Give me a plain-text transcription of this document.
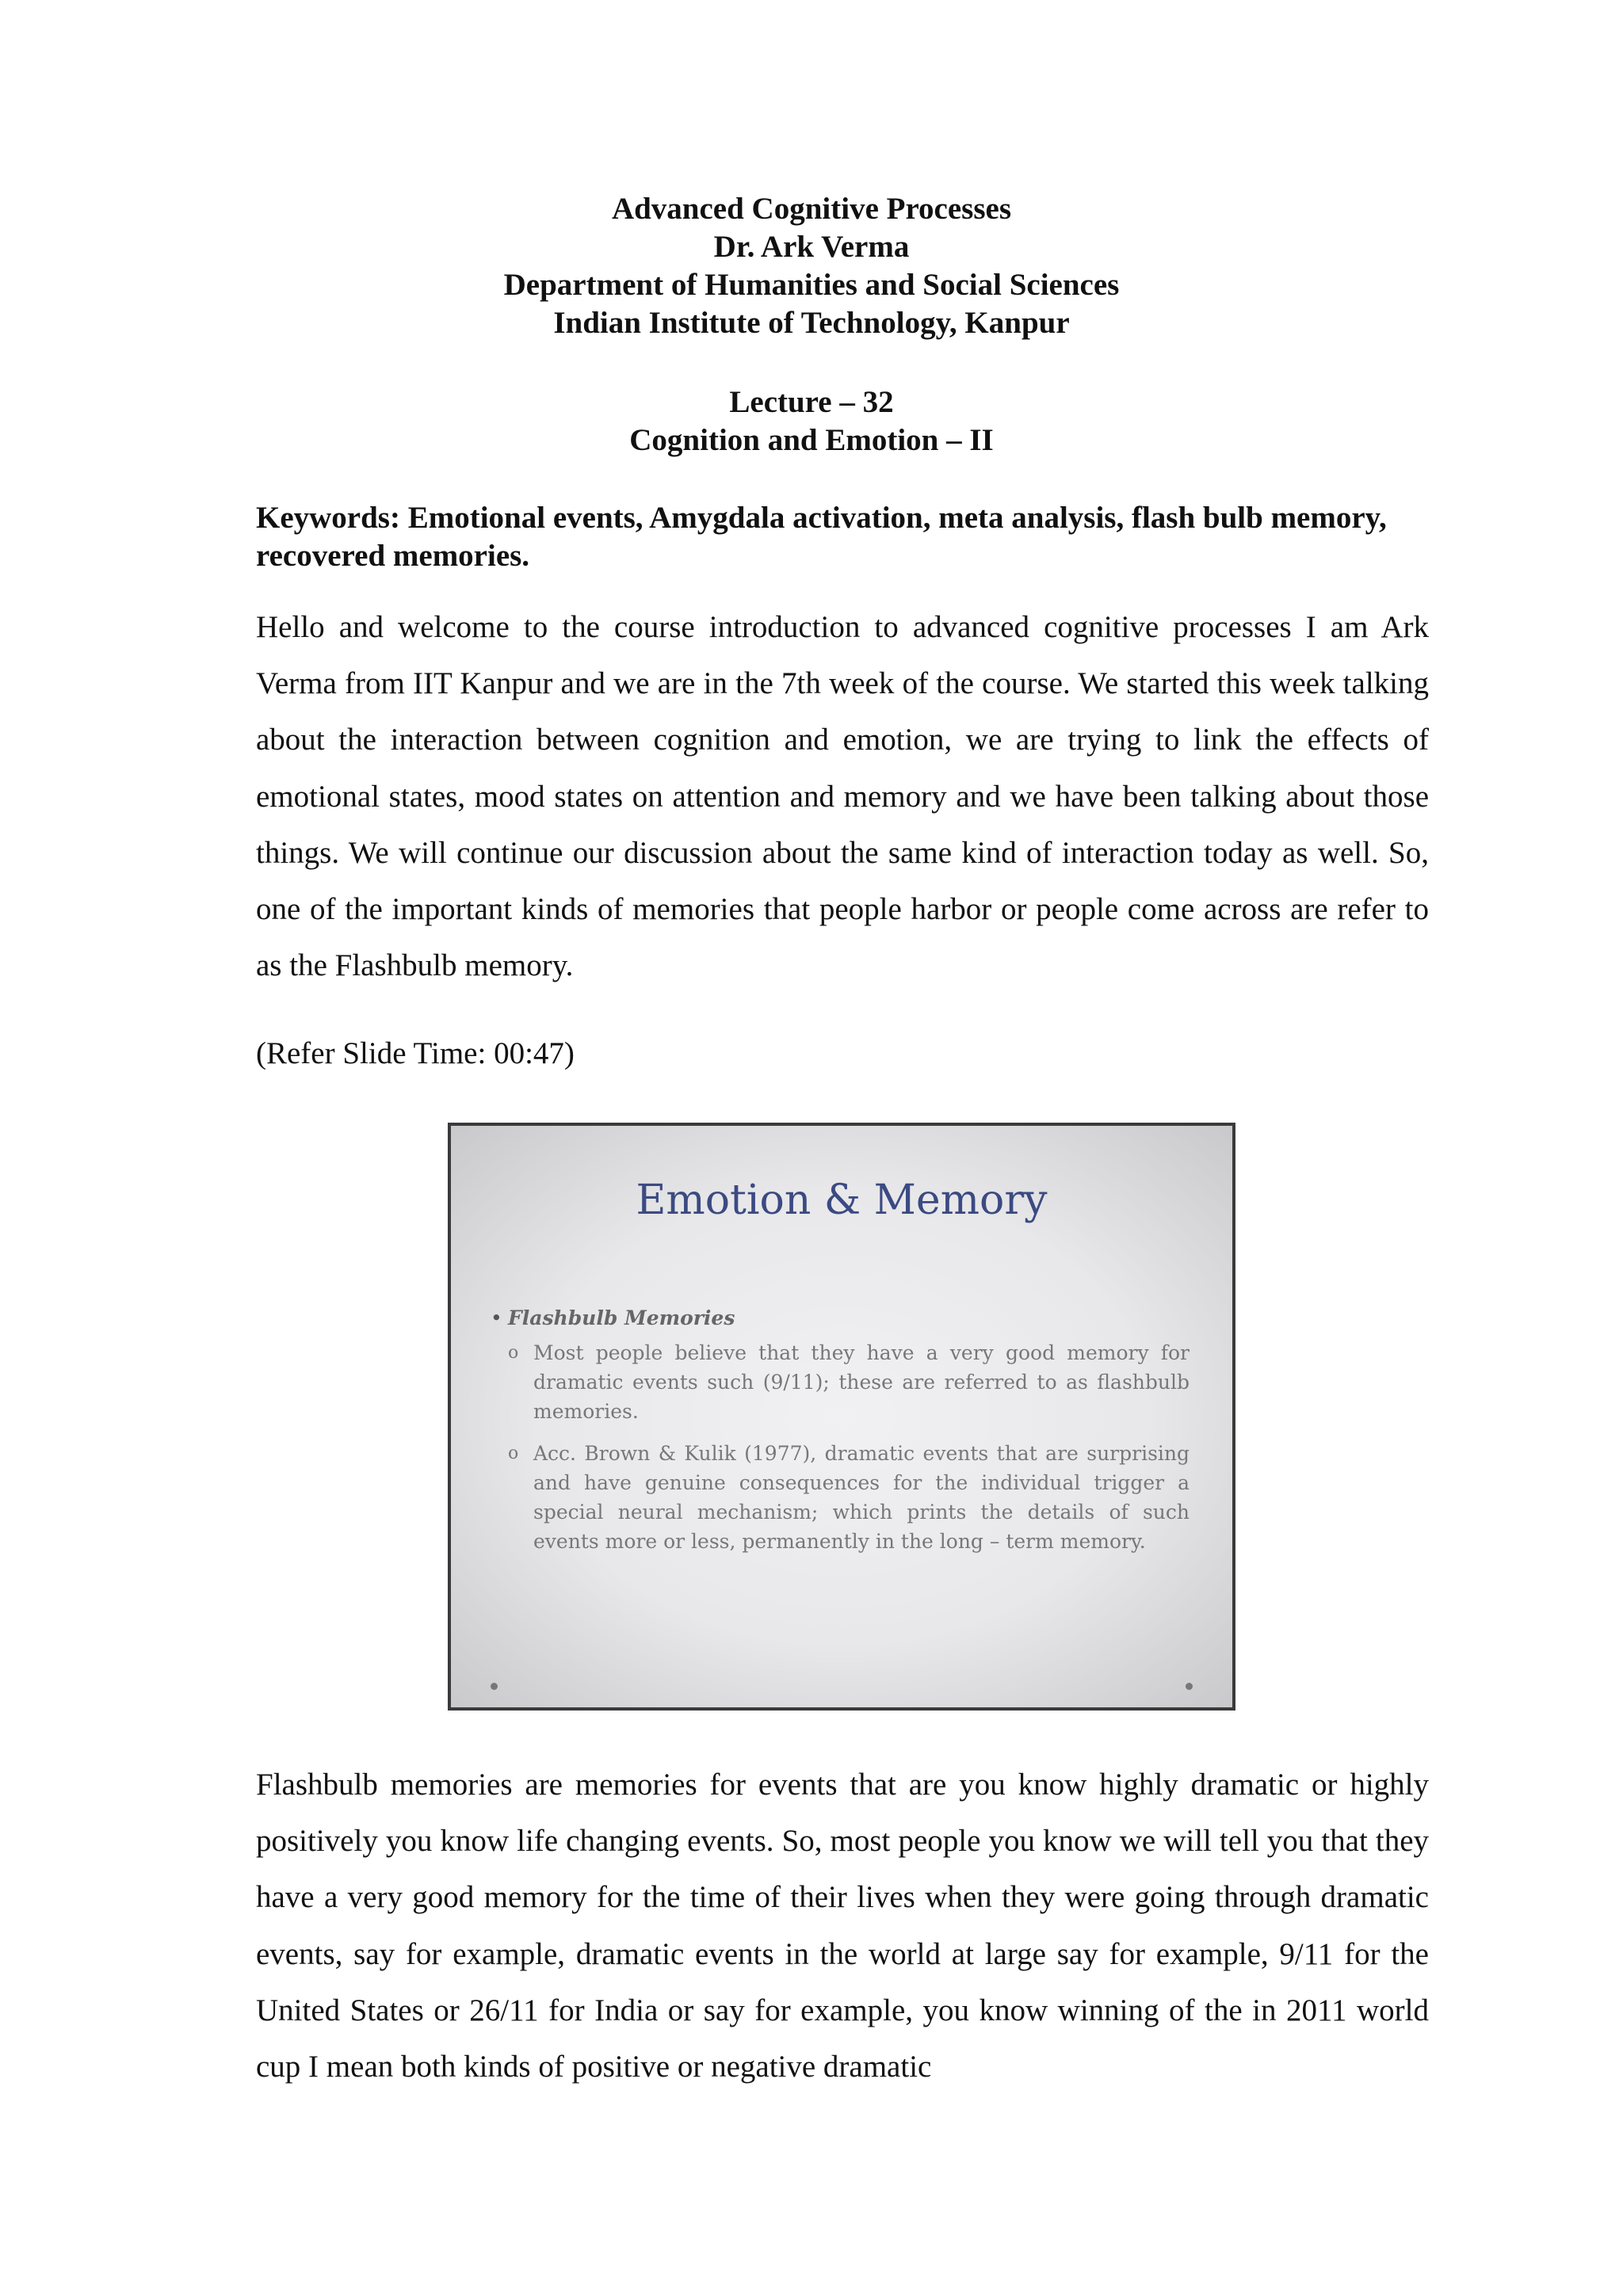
Advanced Cognitive Processes
Dr. Ark Verma
Department of Humanities and Social Sciences
Indian Institute of Technology, Kanpur
Lecture – 32
Cognition and Emotion – II
Keywords: Emotional events, Amygdala activation, meta analysis, flash bulb memory, recovered memories.
Hello and welcome to the course introduction to advanced cognitive processes I am Ark Verma from IIT Kanpur and we are in the 7th week of the course. We started this week talking about the interaction between cognition and emotion, we are trying to link the effects of emotional states, mood states on attention and memory and we have been talking about those things. We will continue our discussion about the same kind of interaction today as well. So, one of the important kinds of memories that people harbor or people come across are refer to as the Flashbulb memory.
(Refer Slide Time: 00:47)
Emotion & Memory
• Flashbulb Memories
o Most people believe that they have a very good memory for dramatic events such (9/11); these are referred to as flashbulb memories.
o Acc. Brown & Kulik (1977), dramatic events that are surprising and have genuine consequences for the individual trigger a special neural mechanism; which prints the details of such events more or less, permanently in the long – term memory.
Flashbulb memories are memories for events that are you know highly dramatic or highly positively you know life changing events. So, most people you know we will tell you that they have a very good memory for the time of their lives when they were going through dramatic events, say for example, dramatic events in the world at large say for example, 9/11 for the United States or 26/11 for India or say for example, you know winning of the in 2011 world cup I mean both kinds of positive or negative dramatic
